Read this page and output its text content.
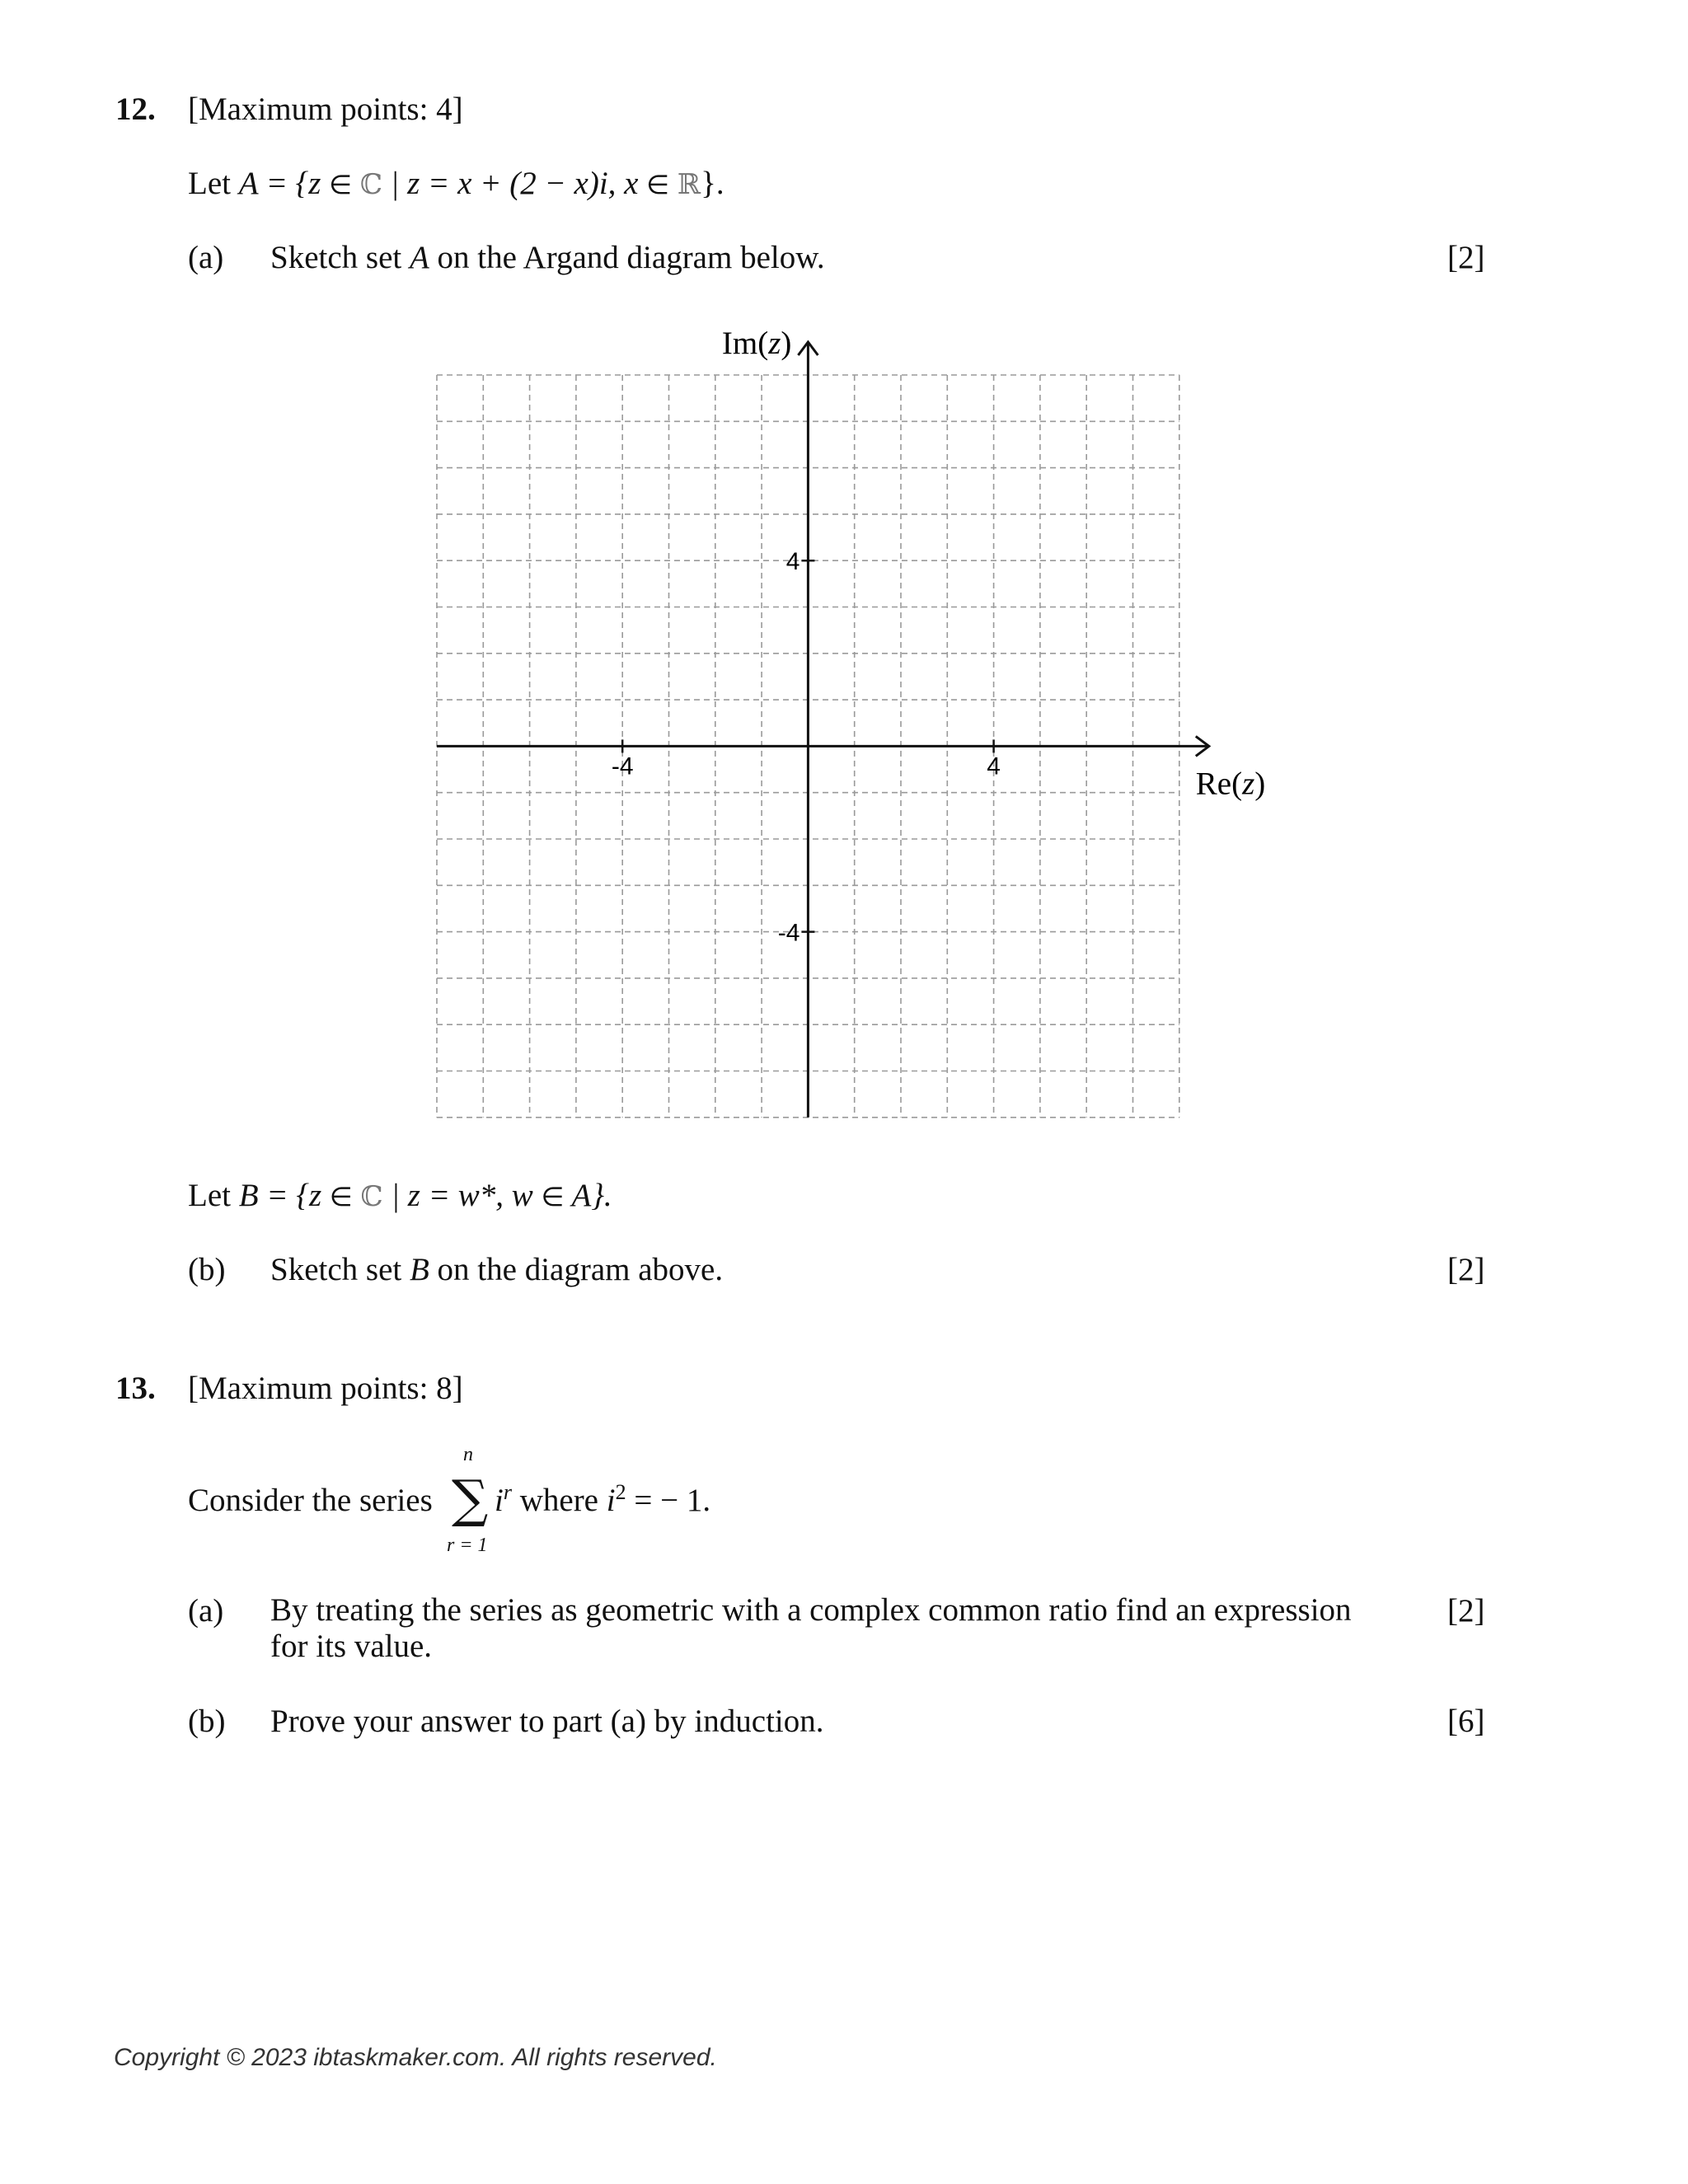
12. [Maximum points: 4]
Let A = {z ∈ ℂ | z = x + (2 − x)i, x ∈ ℝ}.
(a) Sketch set A on the Argand diagram below.	[2]
-4	4
4
-4
Im(z)
Re(z)
Let B = {z ∈ ℂ | z = w*, w ∈ A}.
(b) Sketch set B on the diagram above.	[2]
13. [Maximum points: 8]
Consider the series
n
∑
r = 1
$i^r$ where $i^2$ = − 1.
(a) By treating the series as geometric with a complex common ratio find an expression
for its value.
[2]
(b) Prove your answer to part (a) by induction.	[6]
Copyright © 2023 ibtaskmaker.com. All rights reserved.
